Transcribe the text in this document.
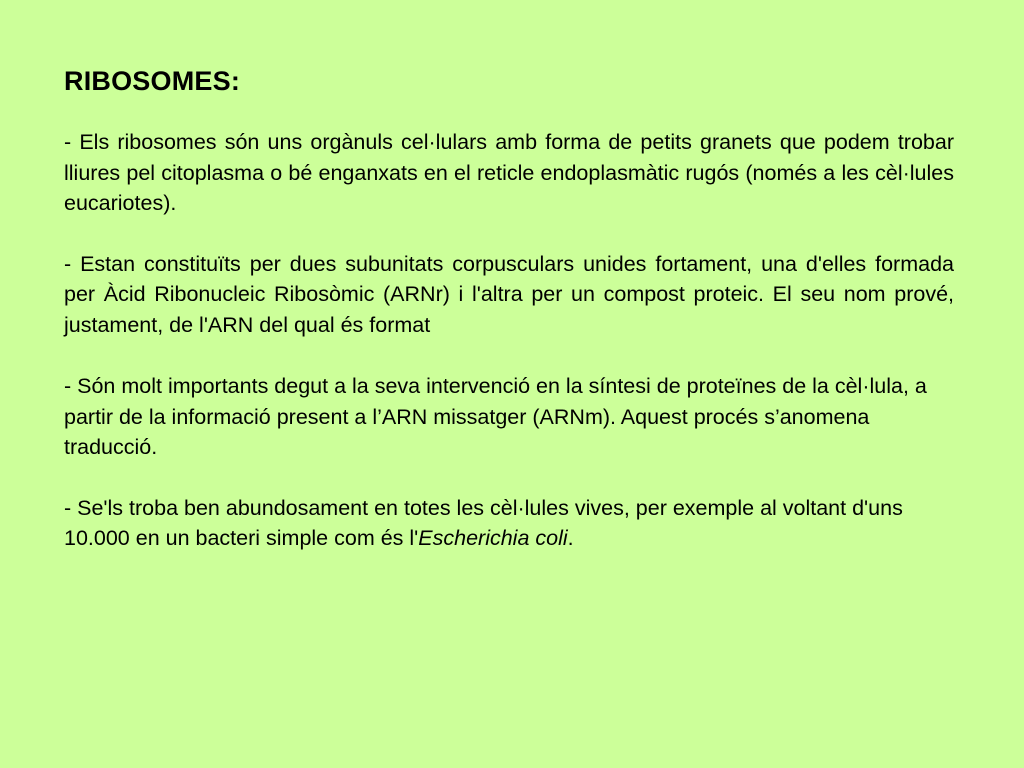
RIBOSOMES:

- Els ribosomes són uns orgànuls cel·lulars amb forma de petits granets que podem trobar lliures pel citoplasma o bé enganxats en el reticle endoplasmàtic rugós (només a les cèl·lules eucariotes).

- Estan constituïts per dues subunitats corpusculars unides fortament, una d'elles formada per Àcid Ribonucleic Ribosòmic (ARNr) i l'altra per un compost proteic. El seu nom prové, justament, de l'ARN del qual és format

- Són molt importants degut a la seva intervenció en la síntesi de proteïnes de la cèl·lula, a partir de la informació present a l’ARN missatger (ARNm). Aquest procés s’anomena traducció.

- Se'ls troba ben abundosament en totes les cèl·lules vives, per exemple al voltant d'uns 10.000 en un bacteri simple com és l'Escherichia coli.
